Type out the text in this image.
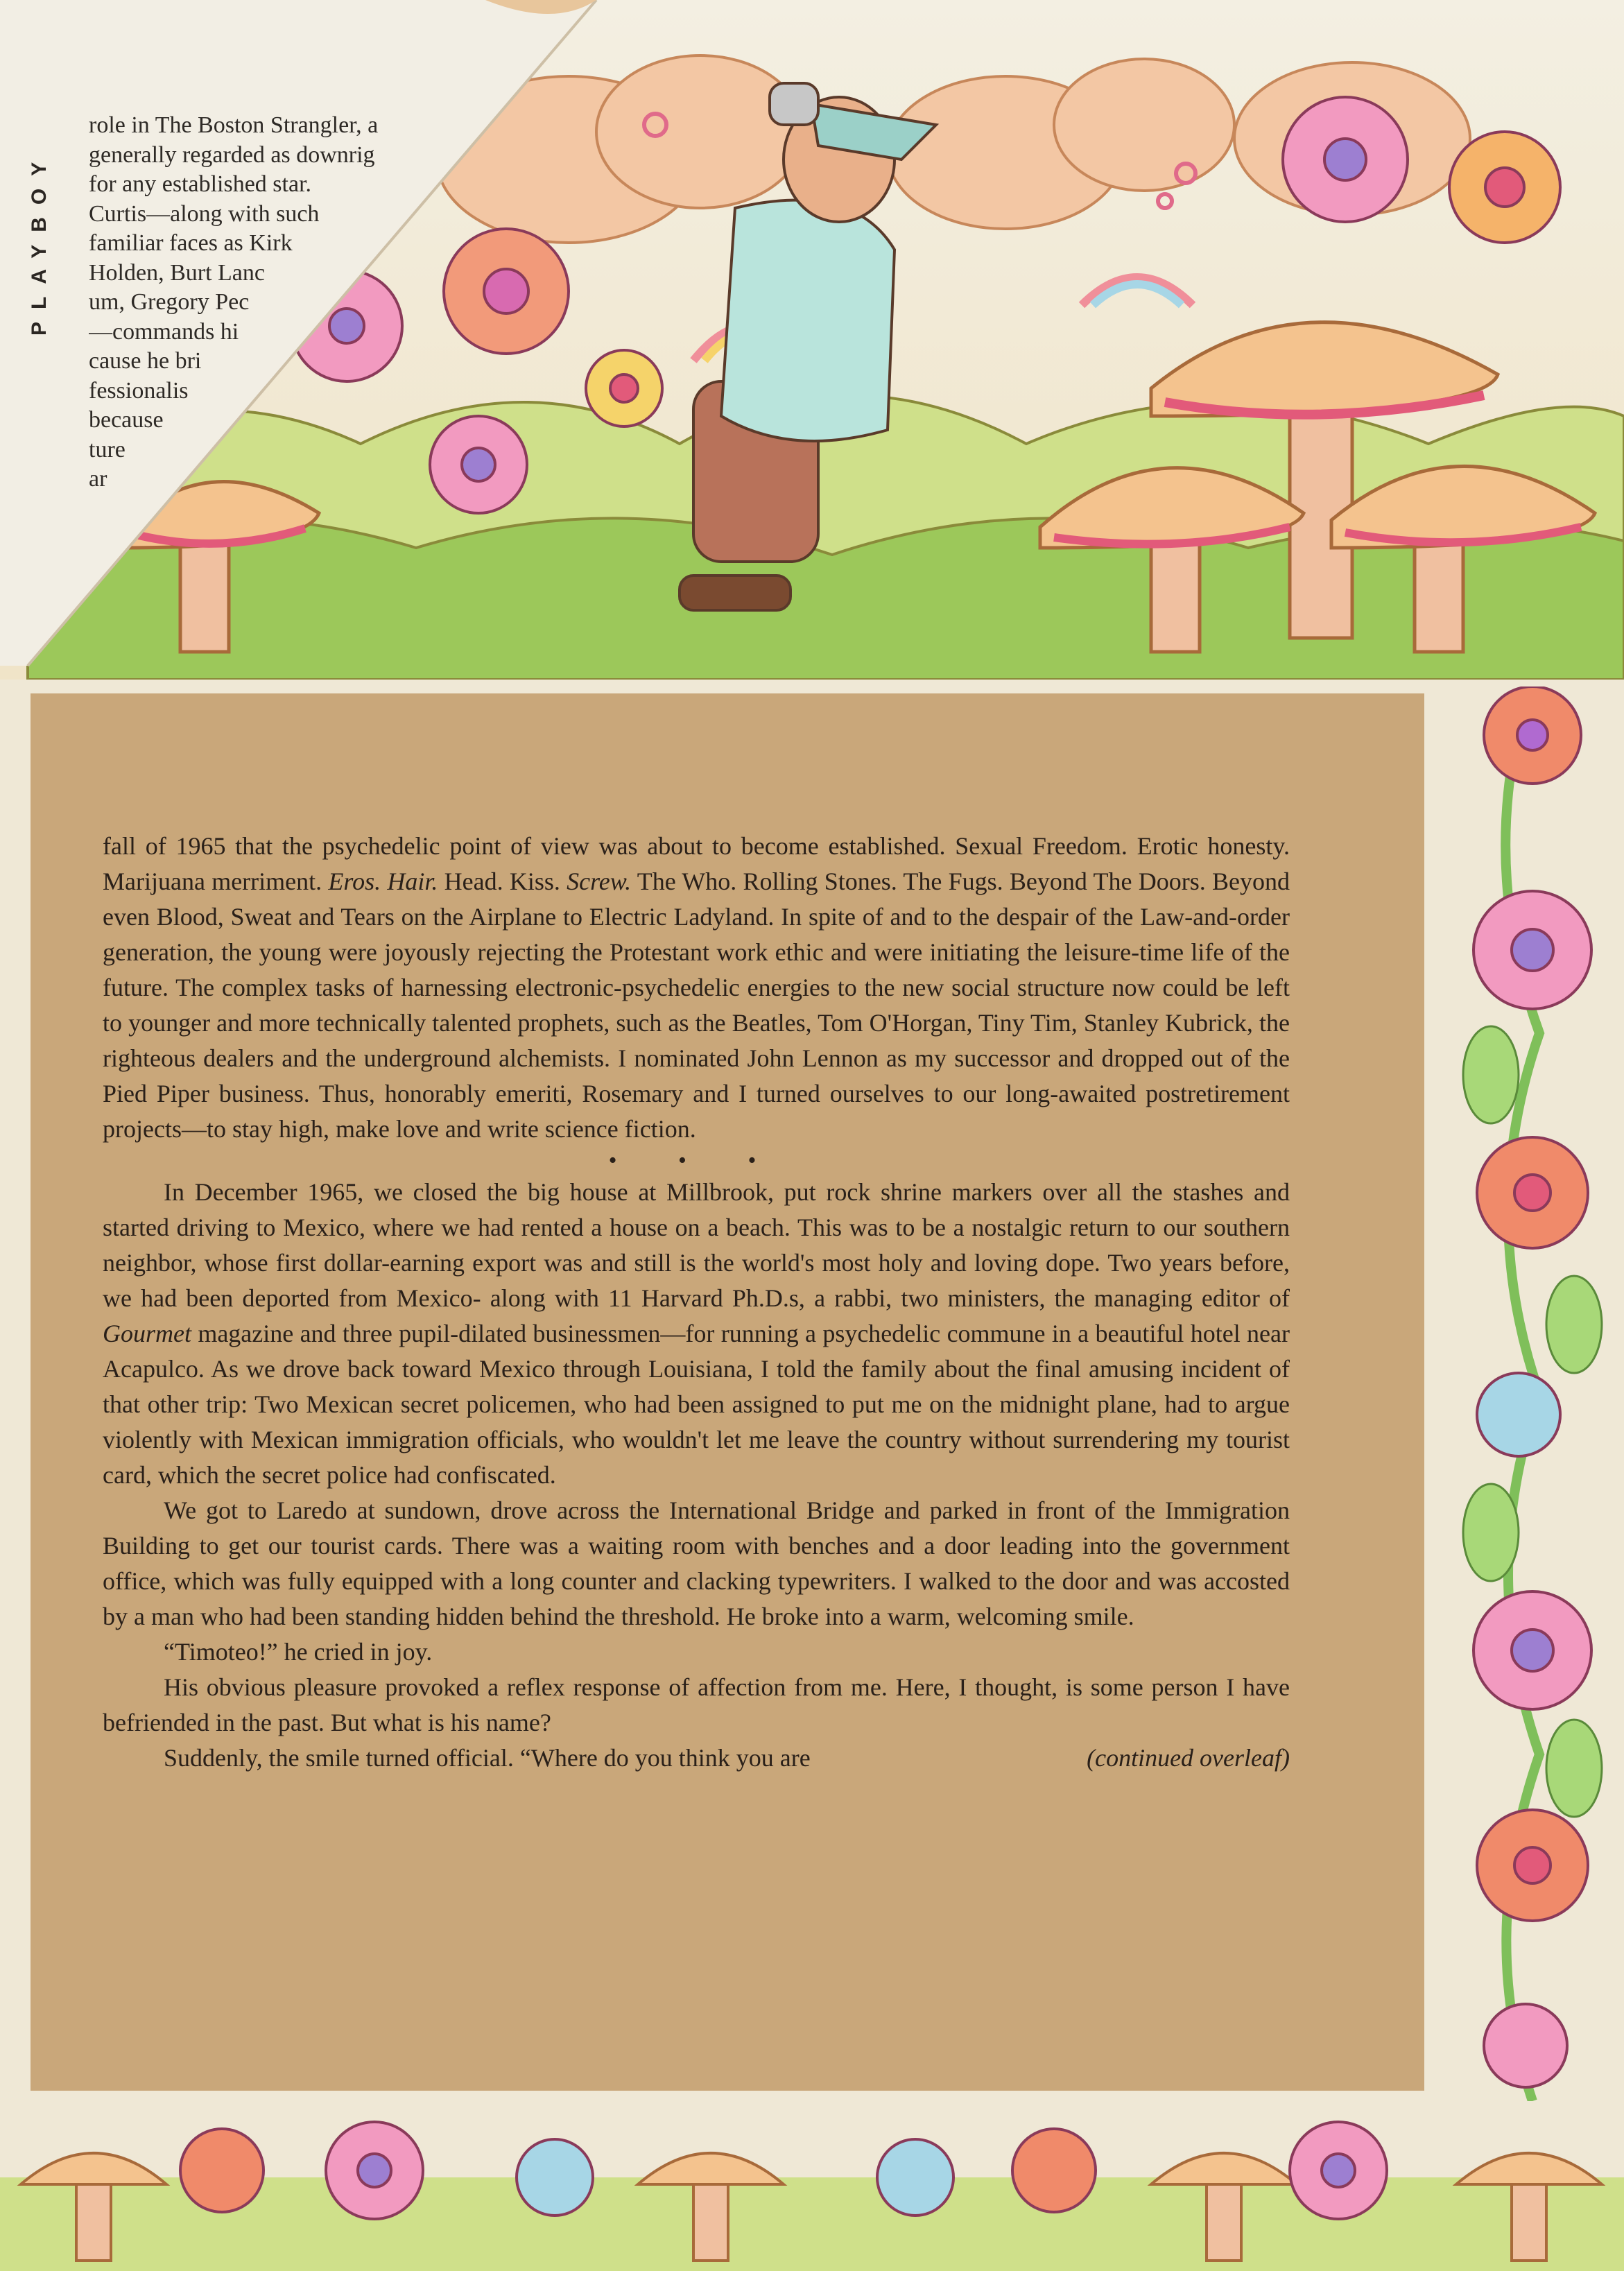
PLAYBOY
role in The Boston Strangler, a
generally regarded as downrig
for any established star.
Curtis—along with such
familiar faces as Kirk
Holden, Burt Lanc
um, Gregory Pec
—commands hi
cause he bri
fessionalis
because
ture
ar

fall of 1965 that the psychedelic point of view was about to become established. Sexual Freedom. Erotic honesty. Marijuana merriment. Eros. Hair. Head. Kiss. Screw. The Who. Rolling Stones. The Fugs. Beyond The Doors. Beyond even Blood, Sweat and Tears on the Airplane to Electric Ladyland. In spite of and to the despair of the Law-and-order generation, the young were joyously rejecting the Protestant work ethic and were initiating the leisure-time life of the future. The complex tasks of harnessing electronic-psychedelic energies to the new social structure now could be left to younger and more technically talented prophets, such as the Beatles, Tom O'Horgan, Tiny Tim, Stanley Kubrick, the righteous dealers and the underground alchemists. I nominated John Lennon as my successor and dropped out of the Pied Piper business. Thus, honorably emeriti, Rosemary and I turned ourselves to our long-awaited postretirement projects—to stay high, make love and write science fiction.

• • •

In December 1965, we closed the big house at Millbrook, put rock shrine markers over all the stashes and started driving to Mexico, where we had rented a house on a beach. This was to be a nostalgic return to our southern neighbor, whose first dollar-earning export was and still is the world's most holy and loving dope. Two years before, we had been deported from Mexico- along with 11 Harvard Ph.D.s, a rabbi, two ministers, the managing editor of Gourmet magazine and three pupil-dilated businessmen—for running a psychedelic commune in a beautiful hotel near Acapulco. As we drove back toward Mexico through Louisiana, I told the family about the final amusing incident of that other trip: Two Mexican secret policemen, who had been assigned to put me on the midnight plane, had to argue violently with Mexican immigration officials, who wouldn't let me leave the country without surrendering my tourist card, which the secret police had confiscated.

We got to Laredo at sundown, drove across the International Bridge and parked in front of the Immigration Building to get our tourist cards. There was a waiting room with benches and a door leading into the government office, which was fully equipped with a long counter and clacking typewriters. I walked to the door and was accosted by a man who had been standing hidden behind the threshold. He broke into a warm, welcoming smile.

“Timoteo!” he cried in joy.

His obvious pleasure provoked a reflex response of affection from me. Here, I thought, is some person I have befriended in the past. But what is his name?

Suddenly, the smile turned official. “Where do you think you are	(continued overleaf)
